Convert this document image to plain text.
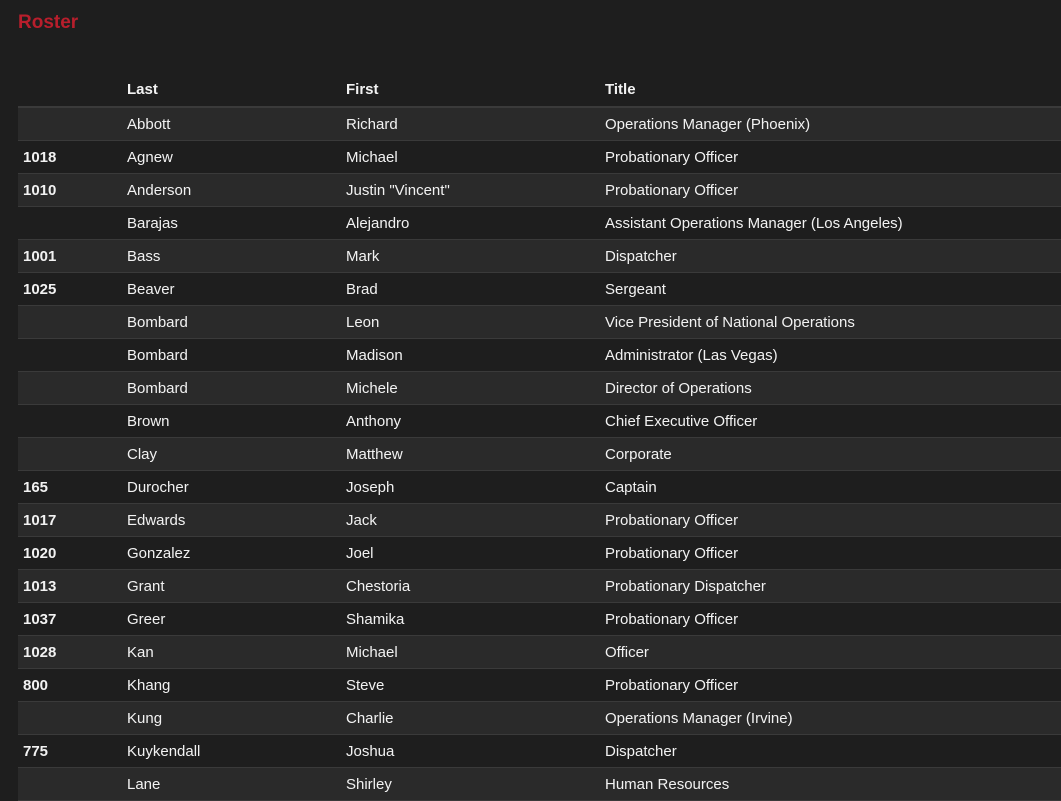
Roster
	Last	First	Title
	Abbott	Richard	Operations Manager (Phoenix)
1018	Agnew	Michael	Probationary Officer
1010	Anderson	Justin "Vincent"	Probationary Officer
	Barajas	Alejandro	Assistant Operations Manager (Los Angeles)
1001	Bass	Mark	Dispatcher
1025	Beaver	Brad	Sergeant
	Bombard	Leon	Vice President of National Operations
	Bombard	Madison	Administrator (Las Vegas)
	Bombard	Michele	Director of Operations
	Brown	Anthony	Chief Executive Officer
	Clay	Matthew	Corporate
165	Durocher	Joseph	Captain
1017	Edwards	Jack	Probationary Officer
1020	Gonzalez	Joel	Probationary Officer
1013	Grant	Chestoria	Probationary Dispatcher
1037	Greer	Shamika	Probationary Officer
1028	Kan	Michael	Officer
800	Khang	Steve	Probationary Officer
	Kung	Charlie	Operations Manager (Irvine)
775	Kuykendall	Joshua	Dispatcher
	Lane	Shirley	Human Resources
